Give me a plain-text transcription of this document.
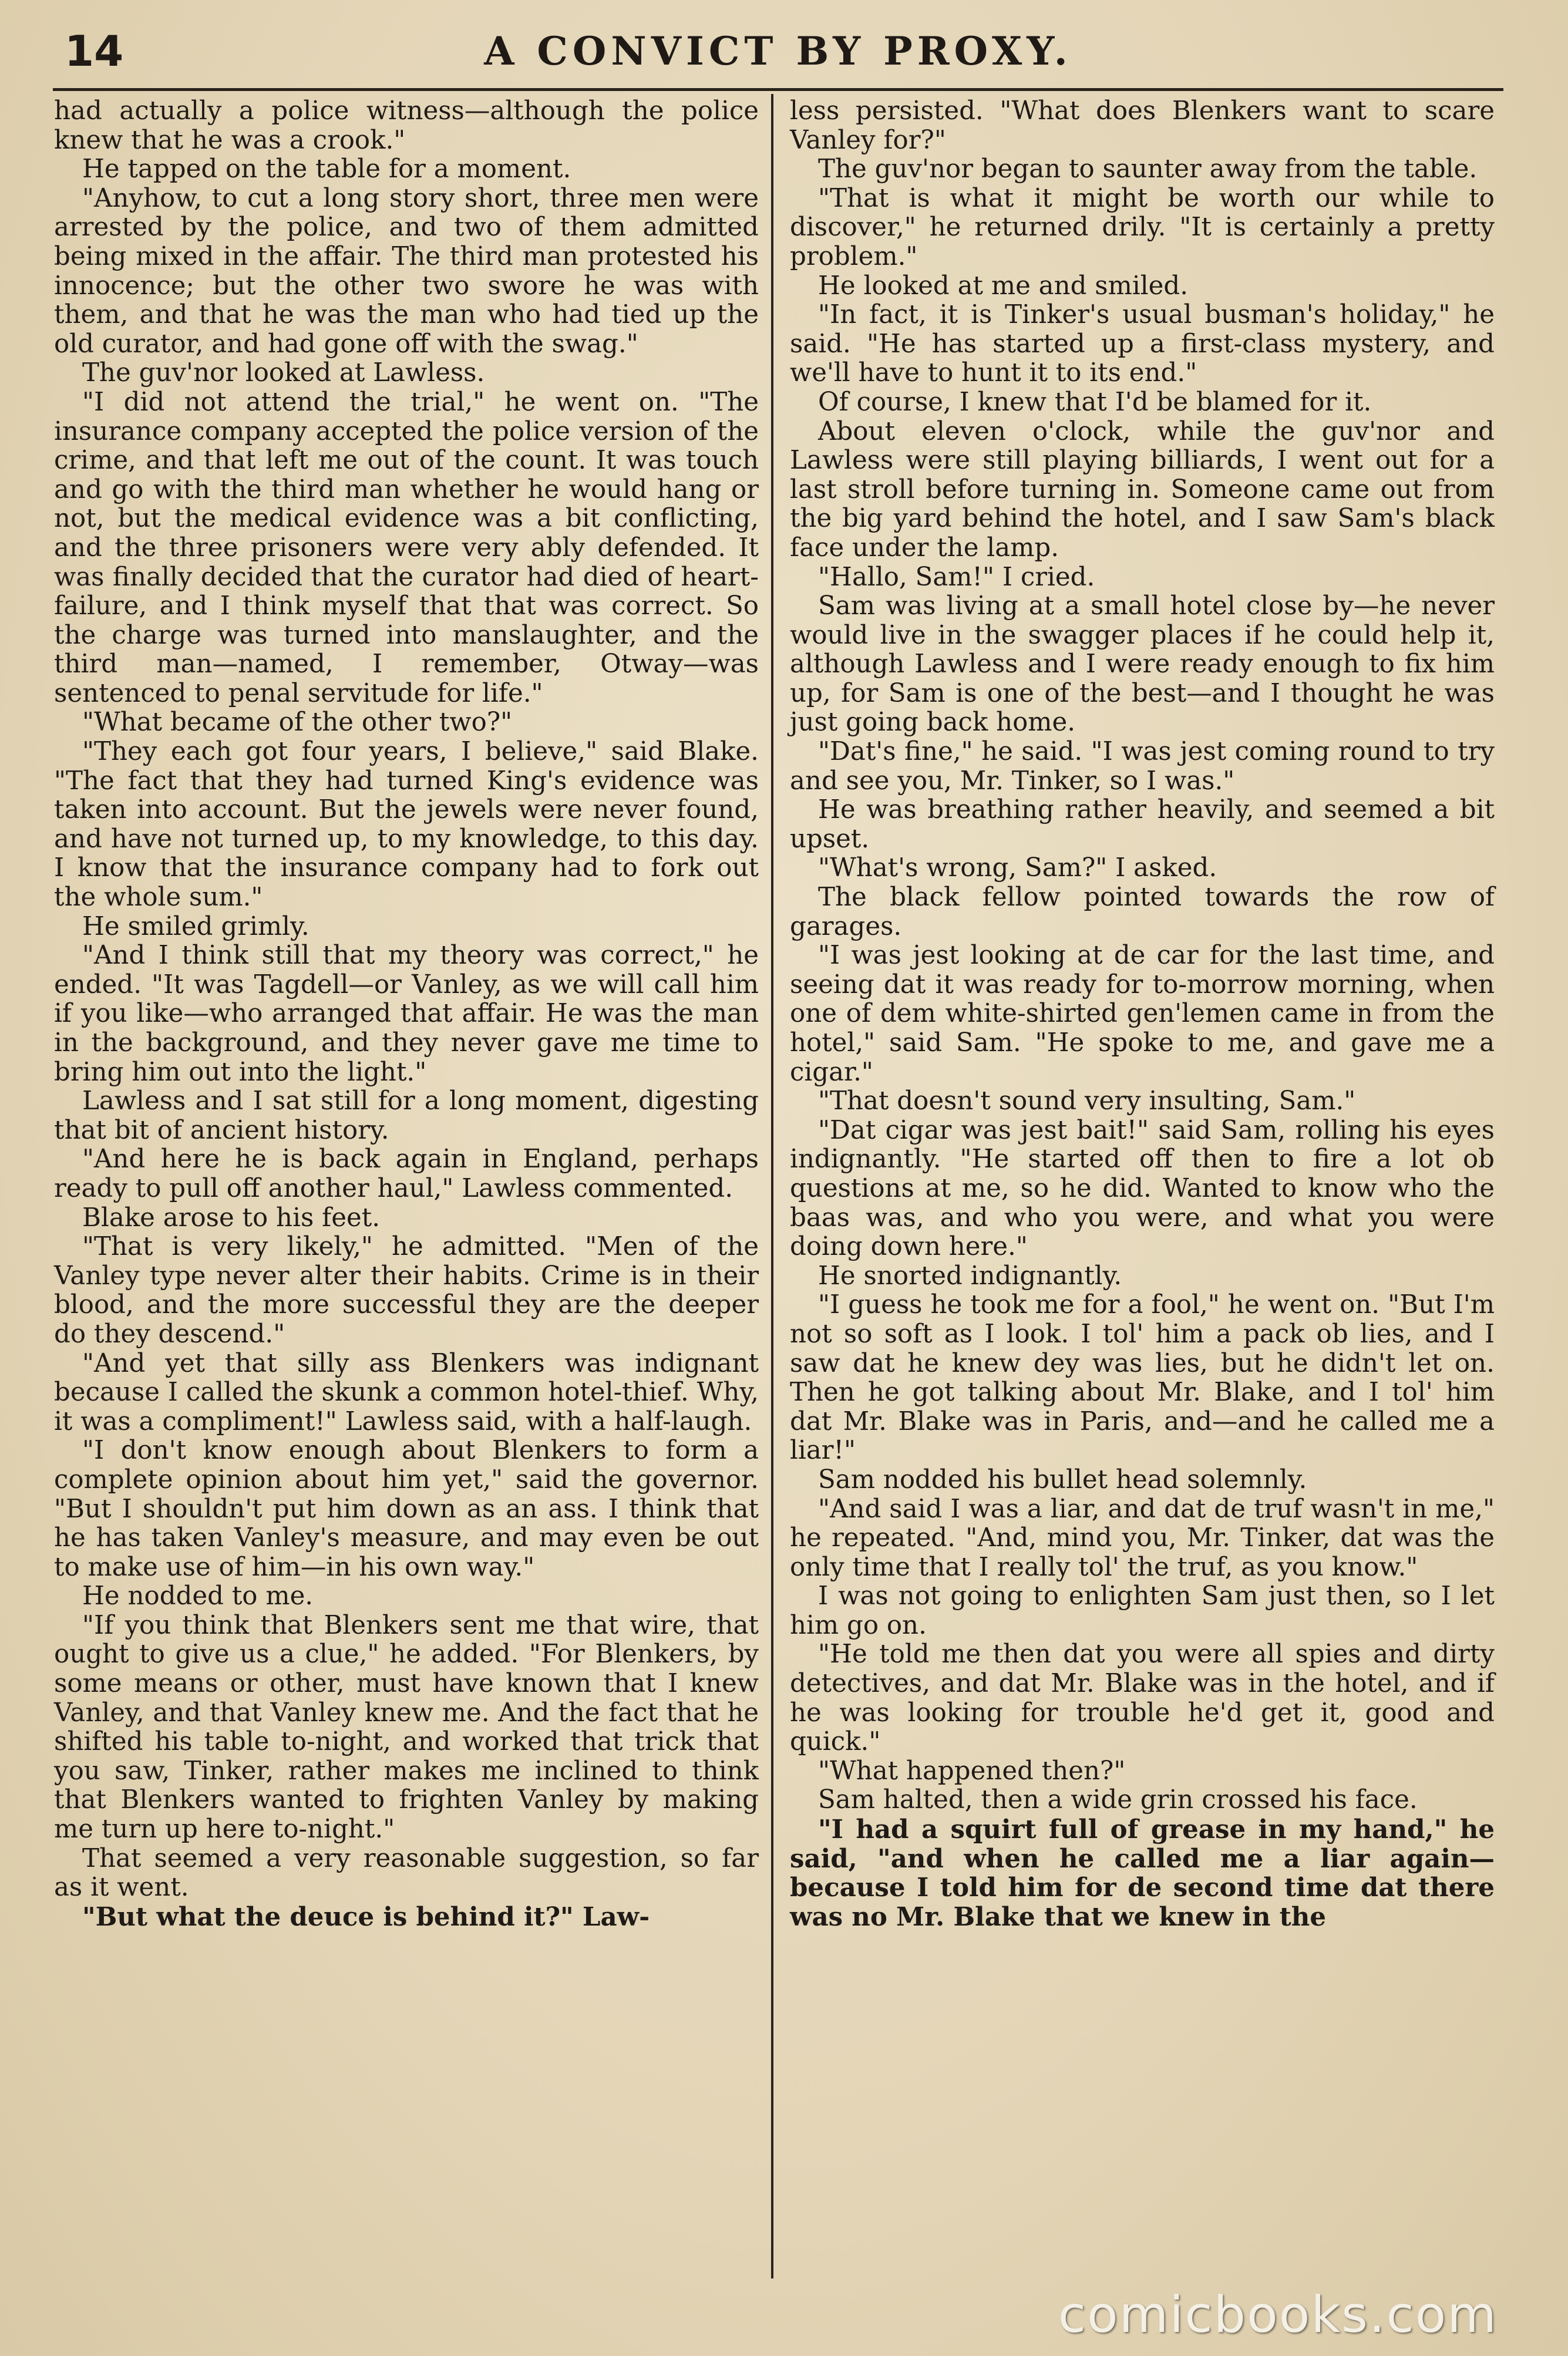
14	A CONVICT BY PROXY.

had actually a police witness—although the police knew that he was a crook."

He tapped on the table for a moment.

"Anyhow, to cut a long story short, three men were arrested by the police, and two of them admitted being mixed in the affair. The third man protested his innocence; but the other two swore he was with them, and that he was the man who had tied up the old curator, and had gone off with the swag."

The guv'nor looked at Lawless.

"I did not attend the trial," he went on. "The insurance company accepted the police version of the crime, and that left me out of the count. It was touch and go with the third man whether he would hang or not, but the medical evidence was a bit conflicting, and the three prisoners were very ably defended. It was finally decided that the curator had died of heart-failure, and I think myself that that was correct. So the charge was turned into manslaughter, and the third man—named, I remember, Otway—was sentenced to penal servitude for life."

"What became of the other two?"

"They each got four years, I believe," said Blake. "The fact that they had turned King's evidence was taken into account. But the jewels were never found, and have not turned up, to my knowledge, to this day. I know that the insurance company had to fork out the whole sum."

He smiled grimly.

"And I think still that my theory was correct," he ended. "It was Tagdell—or Vanley, as we will call him if you like—who arranged that affair. He was the man in the background, and they never gave me time to bring him out into the light."

Lawless and I sat still for a long moment, digesting that bit of ancient history.

"And here he is back again in England, perhaps ready to pull off another haul," Lawless commented.

Blake arose to his feet.

"That is very likely," he admitted. "Men of the Vanley type never alter their habits. Crime is in their blood, and the more successful they are the deeper do they descend."

"And yet that silly ass Blenkers was indignant because I called the skunk a common hotel-thief. Why, it was a compliment!" Lawless said, with a half-laugh.

"I don't know enough about Blenkers to form a complete opinion about him yet," said the governor. "But I shouldn't put him down as an ass. I think that he has taken Vanley's measure, and may even be out to make use of him—in his own way."

He nodded to me.

"If you think that Blenkers sent me that wire, that ought to give us a clue," he added. "For Blenkers, by some means or other, must have known that I knew Vanley, and that Vanley knew me. And the fact that he shifted his table to-night, and worked that trick that you saw, Tinker, rather makes me inclined to think that Blenkers wanted to frighten Vanley by making me turn up here to-night."

That seemed a very reasonable suggestion, so far as it went.

"But what the deuce is behind it?" Law-

less persisted. "What does Blenkers want to scare Vanley for?"

The guv'nor began to saunter away from the table.

"That is what it might be worth our while to discover," he returned drily. "It is certainly a pretty problem."

He looked at me and smiled.

"In fact, it is Tinker's usual busman's holiday," he said. "He has started up a first-class mystery, and we'll have to hunt it to its end."

Of course, I knew that I'd be blamed for it.

About eleven o'clock, while the guv'nor and Lawless were still playing billiards, I went out for a last stroll before turning in. Someone came out from the big yard behind the hotel, and I saw Sam's black face under the lamp.

"Hallo, Sam!" I cried.

Sam was living at a small hotel close by—he never would live in the swagger places if he could help it, although Lawless and I were ready enough to fix him up, for Sam is one of the best—and I thought he was just going back home.

"Dat's fine," he said. "I was jest coming round to try and see you, Mr. Tinker, so I was."

He was breathing rather heavily, and seemed a bit upset.

"What's wrong, Sam?" I asked.

The black fellow pointed towards the row of garages.

"I was jest looking at de car for the last time, and seeing dat it was ready for to-morrow morning, when one of dem white-shirted gen'lemen came in from the hotel," said Sam. "He spoke to me, and gave me a cigar."

"That doesn't sound very insulting, Sam."

"Dat cigar was jest bait!" said Sam, rolling his eyes indignantly. "He started off then to fire a lot ob questions at me, so he did. Wanted to know who the baas was, and who you were, and what you were doing down here."

He snorted indignantly.

"I guess he took me for a fool," he went on. "But I'm not so soft as I look. I tol' him a pack ob lies, and I saw dat he knew dey was lies, but he didn't let on. Then he got talking about Mr. Blake, and I tol' him dat Mr. Blake was in Paris, and—and he called me a liar!"

Sam nodded his bullet head solemnly.

"And said I was a liar, and dat de truf wasn't in me," he repeated. "And, mind you, Mr. Tinker, dat was the only time that I really tol' the truf, as you know."

I was not going to enlighten Sam just then, so I let him go on.

"He told me then dat you were all spies and dirty detectives, and dat Mr. Blake was in the hotel, and if he was looking for trouble he'd get it, good and quick."

"What happened then?"

Sam halted, then a wide grin crossed his face.

"I had a squirt full of grease in my hand," he said, "and when he called me a liar again—because I told him for de second time dat there was no Mr. Blake that we knew in the

comicbooks.com
